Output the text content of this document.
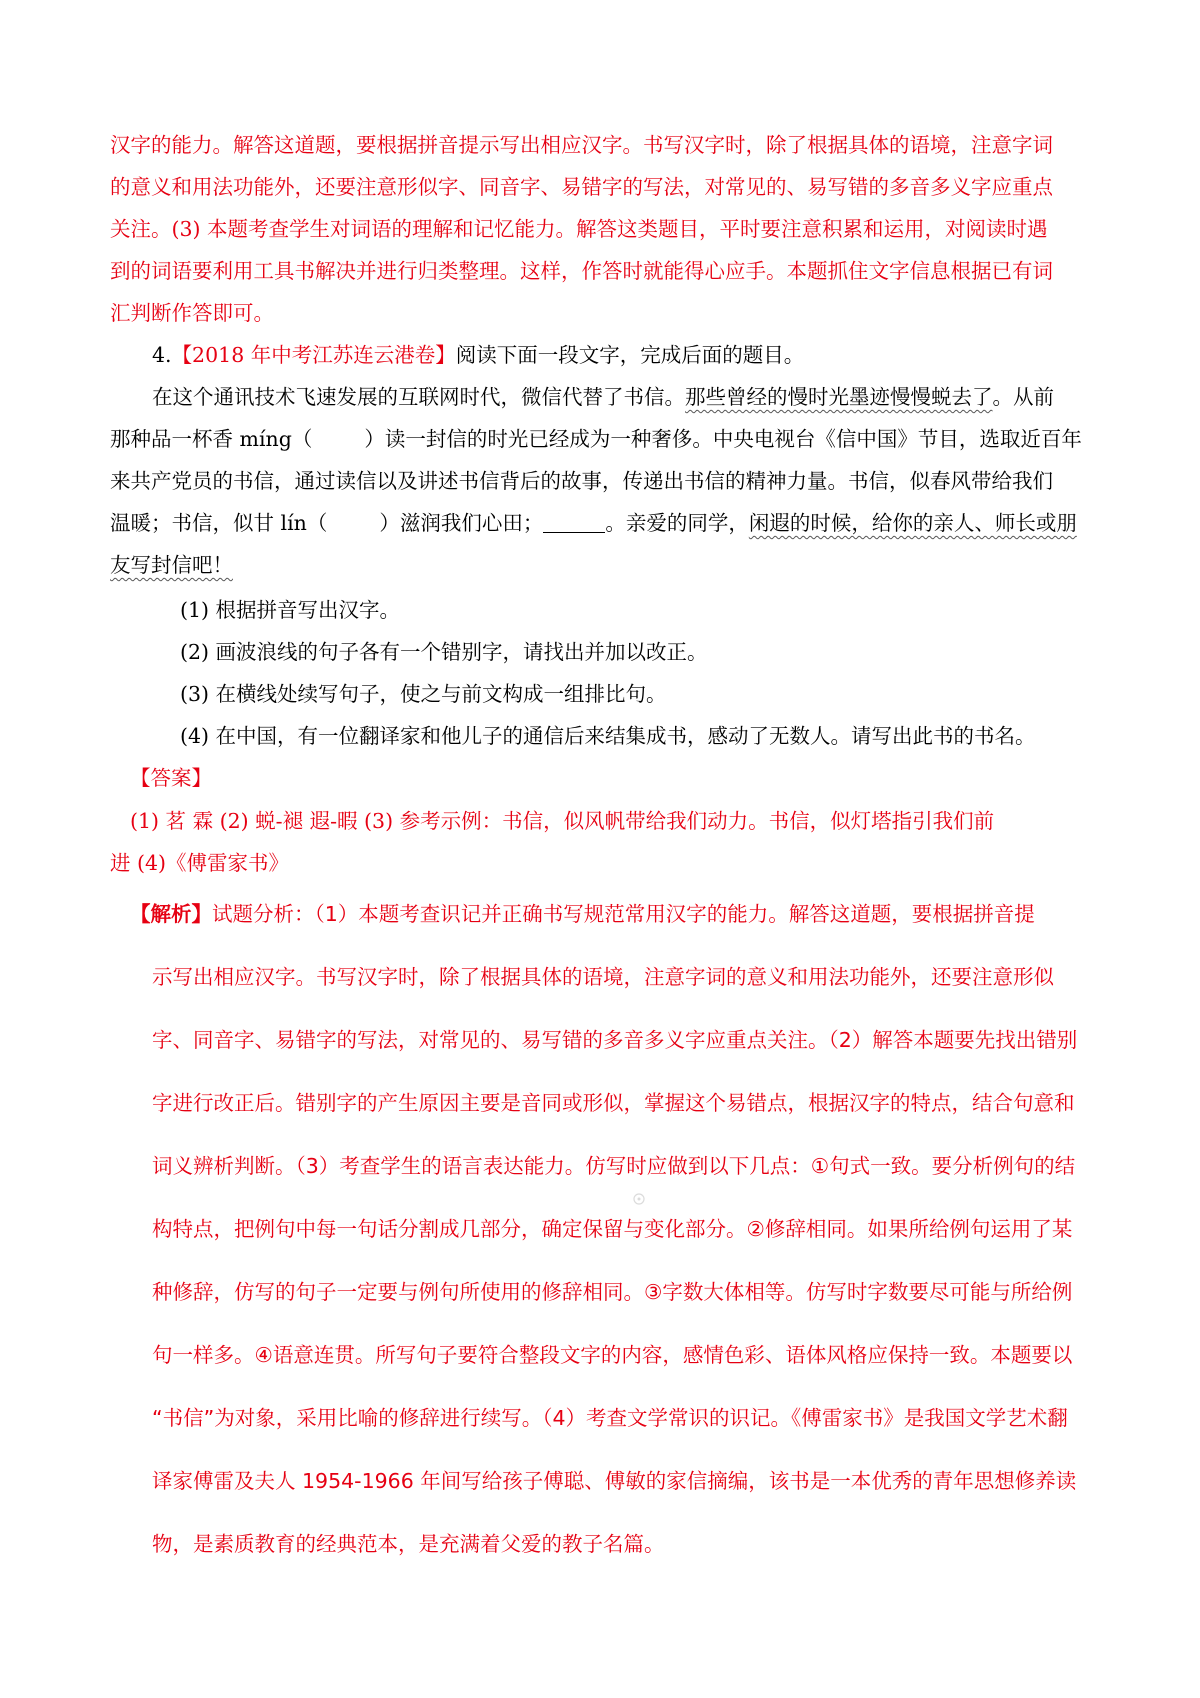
汉字的能力。解答这道题，要根据拼音提示写出相应汉字。书写汉字时，除了根据具体的语境，注意字词
的意义和用法功能外，还要注意形似字、同音字、易错字的写法，对常见的、易写错的多音多义字应重点
关注。(3) 本题考查学生对词语的理解和记忆能力。解答这类题目，平时要注意积累和运用，对阅读时遇
到的词语要利用工具书解决并进行归类整理。这样，作答时就能得心应手。本题抓住文字信息根据已有词
汇判断作答即可。
4.【2018 年中考江苏连云港卷】阅读下面一段文字，完成后面的题目。
在这个通讯技术飞速发展的互联网时代，微信代替了书信。那些曾经的慢时光墨迹慢慢蜕去了。从前
那种品一杯香 míng（	）读一封信的时光已经成为一种奢侈。中央电视台《信中国》节目，选取近百年
来共产党员的书信，通过读信以及讲述书信背后的故事，传递出书信的精神力量。书信，似春风带给我们
温暖；书信，似甘 lín（	）滋润我们心田；	。亲爱的同学，闲遐的时候，给你的亲人、师长或朋
友写封信吧！
(1) 根据拼音写出汉字。
(2) 画波浪线的句子各有一个错别字，请找出并加以改正。
(3) 在横线处续写句子，使之与前文构成一组排比句。
(4) 在中国，有一位翻译家和他儿子的通信后来结集成书，感动了无数人。请写出此书的书名。
【答案】
(1) 茗 霖 (2) 蜕-褪 遐-暇 (3) 参考示例：书信，似风帆带给我们动力。书信，似灯塔指引我们前
进 (4)《傅雷家书》
【解析】试题分析：（1）本题考查识记并正确书写规范常用汉字的能力。解答这道题，要根据拼音提
示写出相应汉字。书写汉字时，除了根据具体的语境，注意字词的意义和用法功能外，还要注意形似
字、同音字、易错字的写法，对常见的、易写错的多音多义字应重点关注。（2）解答本题要先找出错别
字进行改正后。错别字的产生原因主要是音同或形似，掌握这个易错点，根据汉字的特点，结合句意和
词义辨析判断。（3）考查学生的语言表达能力。仿写时应做到以下几点：①句式一致。要分析例句的结
构特点，把例句中每一句话分割成几部分，确定保留与变化部分。②修辞相同。如果所给例句运用了某
种修辞，仿写的句子一定要与例句所使用的修辞相同。③字数大体相等。仿写时字数要尽可能与所给例
句一样多。④语意连贯。所写句子要符合整段文字的内容，感情色彩、语体风格应保持一致。本题要以
“书信”为对象，采用比喻的修辞进行续写。（4）考查文学常识的识记。《傅雷家书》是我国文学艺术翻
译家傅雷及夫人 1954-1966 年间写给孩子傅聪、傅敏的家信摘编，该书是一本优秀的青年思想修养读
物，是素质教育的经典范本，是充满着父爱的教子名篇。
